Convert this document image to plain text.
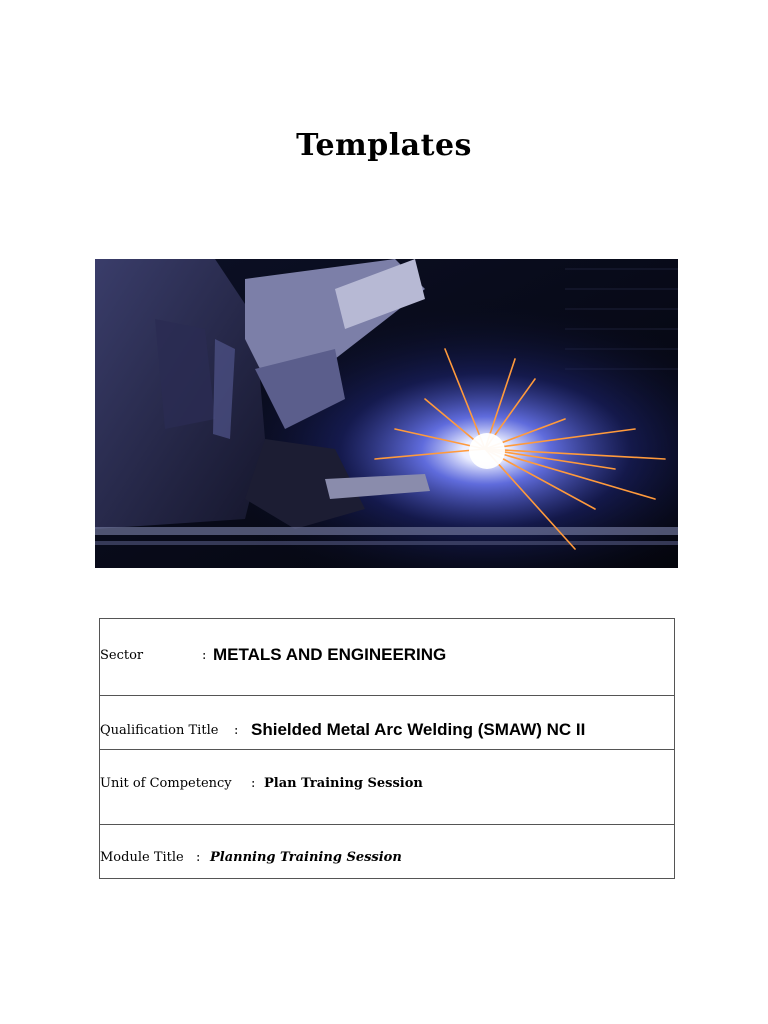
Templates
Sector	: METALS AND ENGINEERING
Qualification Title : Shielded Metal Arc Welding (SMAW) NC II
Unit of Competency : Plan Training Session
Module Title : Planning Training Session
